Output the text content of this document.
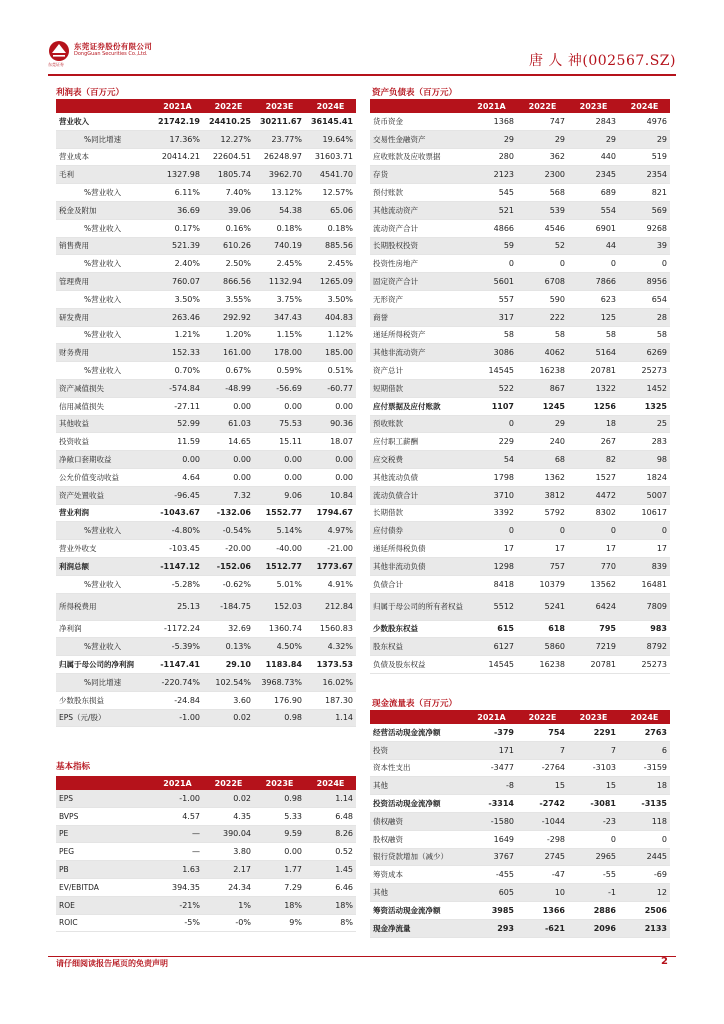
东莞证券股份有限公司
DongGuan Securities Co.,Ltd.
东莞证券	唐 人 神(002567.SZ)
利润表（百万元）
	2021A	2022E	2023E	2024E
营业收入	21742.19	24410.25	30211.67	36145.41
%同比增速	17.36%	12.27%	23.77%	19.64%
营业成本	20414.21	22604.51	26248.97	31603.71
毛利	1327.98	1805.74	3962.70	4541.70
%营业收入	6.11%	7.40%	13.12%	12.57%
税金及附加	36.69	39.06	54.38	65.06
%营业收入	0.17%	0.16%	0.18%	0.18%
销售费用	521.39	610.26	740.19	885.56
%营业收入	2.40%	2.50%	2.45%	2.45%
管理费用	760.07	866.56	1132.94	1265.09
%营业收入	3.50%	3.55%	3.75%	3.50%
研发费用	263.46	292.92	347.43	404.83
%营业收入	1.21%	1.20%	1.15%	1.12%
财务费用	152.33	161.00	178.00	185.00
%营业收入	0.70%	0.67%	0.59%	0.51%
资产减值损失	-574.84	-48.99	-56.69	-60.77
信用减值损失	-27.11	0.00	0.00	0.00
其他收益	52.99	61.03	75.53	90.36
投资收益	11.59	14.65	15.11	18.07
净敞口套期收益	0.00	0.00	0.00	0.00
公允价值变动收益	4.64	0.00	0.00	0.00
资产处置收益	-96.45	7.32	9.06	10.84
营业利润	-1043.67	-132.06	1552.77	1794.67
%营业收入	-4.80%	-0.54%	5.14%	4.97%
营业外收支	-103.45	-20.00	-40.00	-21.00
利润总额	-1147.12	-152.06	1512.77	1773.67
%营业收入	-5.28%	-0.62%	5.01%	4.91%
所得税费用	25.13	-184.75	152.03	212.84
净利润	-1172.24	32.69	1360.74	1560.83
%营业收入	-5.39%	0.13%	4.50%	4.32%
归属于母公司的净利润	-1147.41	29.10	1183.84	1373.53
%同比增速	-220.74%	102.54%	3968.73%	16.02%
少数股东损益	-24.84	3.60	176.90	187.30
EPS（元/股）	-1.00	0.02	0.98	1.14
资产负债表（百万元）
	2021A	2022E	2023E	2024E
货币资金	1368	747	2843	4976
交易性金融资产	29	29	29	29
应收账款及应收票据	280	362	440	519
存货	2123	2300	2345	2354
预付账款	545	568	689	821
其他流动资产	521	539	554	569
流动资产合计	4866	4546	6901	9268
长期股权投资	59	52	44	39
投资性房地产	0	0	0	0
固定资产合计	5601	6708	7866	8956
无形资产	557	590	623	654
商誉	317	222	125	28
递延所得税资产	58	58	58	58
其他非流动资产	3086	4062	5164	6269
资产总计	14545	16238	20781	25273
短期借款	522	867	1322	1452
应付票据及应付账款	1107	1245	1256	1325
预收账款	0	29	18	25
应付职工薪酬	229	240	267	283
应交税费	54	68	82	98
其他流动负债	1798	1362	1527	1824
流动负债合计	3710	3812	4472	5007
长期借款	3392	5792	8302	10617
应付债券	0	0	0	0
递延所得税负债	17	17	17	17
其他非流动负债	1298	757	770	839
负债合计	8418	10379	13562	16481
归属于母公司的所有者权益	5512	5241	6424	7809
少数股东权益	615	618	795	983
股东权益	6127	5860	7219	8792
负债及股东权益	14545	16238	20781	25273
基本指标
	2021A	2022E	2023E	2024E
EPS	-1.00	0.02	0.98	1.14
BVPS	4.57	4.35	5.33	6.48
PE	—	390.04	9.59	8.26
PEG	—	3.80	0.00	0.52
PB	1.63	2.17	1.77	1.45
EV/EBITDA	394.35	24.34	7.29	6.46
ROE	-21%	1%	18%	18%
ROIC	-5%	-0%	9%	8%
现金流量表（百万元）
	2021A	2022E	2023E	2024E
经营活动现金流净额	-379	754	2291	2763
投资	171	7	7	6
资本性支出	-3477	-2764	-3103	-3159
其他	-8	15	15	18
投资活动现金流净额	-3314	-2742	-3081	-3135
债权融资	-1580	-1044	-23	118
股权融资	1649	-298	0	0
银行贷款增加（减少）	3767	2745	2965	2445
筹资成本	-455	-47	-55	-69
其他	605	10	-1	12
筹资活动现金流净额	3985	1366	2886	2506
现金净流量	293	-621	2096	2133
请仔细阅读报告尾页的免责声明	2
